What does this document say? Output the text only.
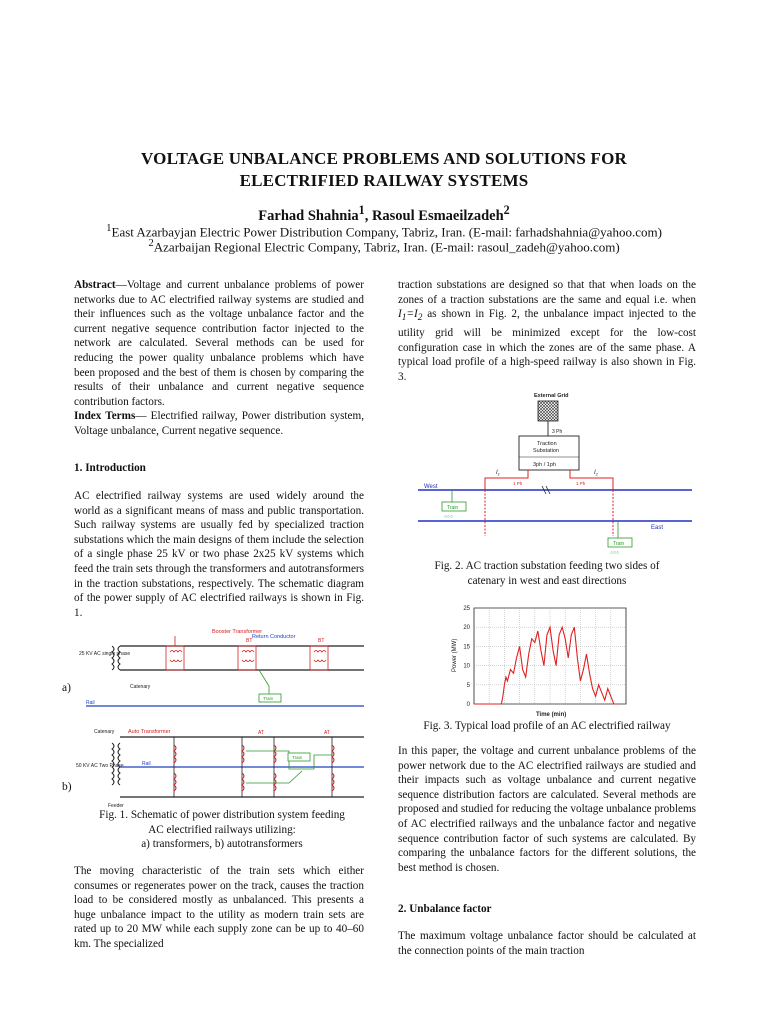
VOLTAGE UNBALANCE PROBLEMS AND SOLUTIONS FOR
ELECTRIFIED RAILWAY SYSTEMS
Farhad Shahnia$^1$, Rasoul Esmaeilzadeh$^2$
$^1$East Azarbayjan Electric Power Distribution Company, Tabriz, Iran. (E-mail: farhadshahnia@yahoo.com)
$^2$Azarbaijan Regional Electric Company, Tabriz, Iran. (E-mail: rasoul_zadeh@yahoo.com)

Abstract—Voltage and current unbalance problems of power networks due to AC electrified railway systems are studied and their influences such as the voltage unbalance factor and the current negative sequence contribution factor injected to the network are calculated. Several methods can be used for reducing the power quality unbalance problems which have been proposed and the best of them is chosen by comparing the results of their unbalance and current negative sequence contribution factors.

Index Terms— Electrified railway, Power distribution system, Voltage unbalance, Current negative sequence.

1. Introduction

AC electrified railway systems are used widely around the world as a significant means of mass and public transportation. Such railway systems are usually fed by specialized traction substations which the main designs of them include the selection of a single phase 25 kV or two phase 2x25 kV systems which feed the train sets through the transformers and autotransformers in the traction substations, respectively. The schematic diagram of the power supply of AC electrified railways is shown in Fig. 1.

a)
Booster Transformer
Return Conductor
25 KV AC single phase
Catenary
Rail
BT	BT
Train
b)
Catenary Auto Transformer
50 KV AC Two Phase	Rail
Feeder
AT	AT
Train
Fig. 1. Schematic of power distribution system feeding
AC electrified railways utilizing:
a) transformers, b) autotransformers

The moving characteristic of the train sets which either consumes or regenerates power on the track, causes the traction load to be considered mostly as unbalanced. This presents a huge unbalance impact to the utility as modern train sets are rated up to 20 MW while each supply zone can be up to 40–60 km. The specialized

traction substations are designed so that that when loads on the zones of a traction substations are the same and equal i.e. when $I_1=I_2$ as shown in Fig. 2, the unbalance impact injected to the utility grid will be minimized except for the low-cost configuration case in which the zones are of the same phase. A typical load profile of a high-speed railway is also shown in Fig. 3.

External Grid
3 Ph
Traction
Substation
3ph / 1ph
$I_1$	$I_2$
1 Ph	1 Ph
West
East
Train
○○○
Train
○○○
Fig. 2. AC traction substation feeding two sides of
catenary in west and east directions
Power (MW)
Time (min)
0
5
10
15
20
25
Fig. 3. Typical load profile of an AC electrified railway

In this paper, the voltage and current unbalance problems of the power network due to the AC electrified railways are studied and their impacts such as voltage unbalance and current negative sequence distribution factors are calculated. Several methods are proposed and studied for reducing the voltage unbalance problems of AC electrified railways and the unbalance factor and negative sequence contribution factor of such systems are calculated. By comparing the unbalance factors for the different solutions, the best method is chosen.

2. Unbalance factor

The maximum voltage unbalance factor should be calculated at the connection points of the main traction
